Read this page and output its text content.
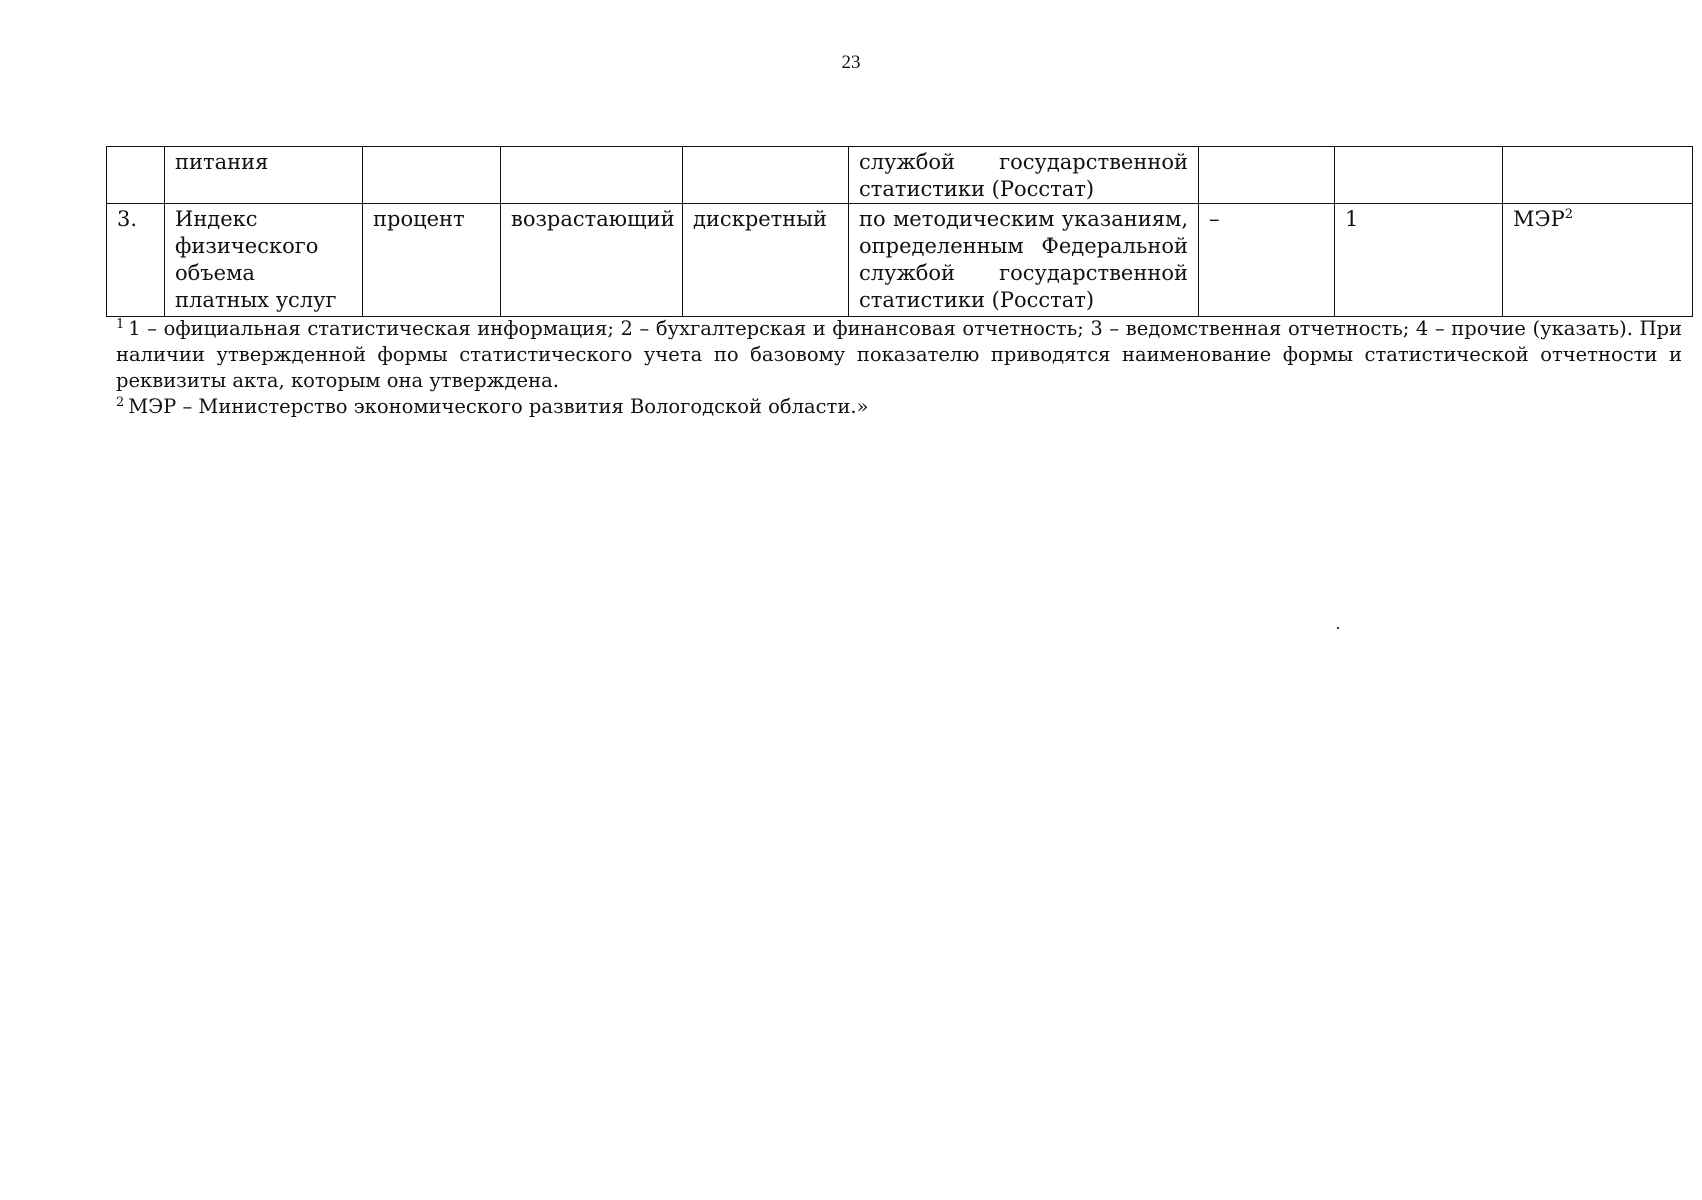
23
	питания				службой государственной статистики (Росстат)			
3.	Индекс физического объема платных услуг	процент	возрастающий	дискретный	по методическим указаниям, определенным Федеральной службой государственной статистики (Росстат)	–	1	МЭР$^2$

$^1$ 1 – официальная статистическая информация; 2 – бухгалтерская и финансовая отчетность; 3 – ведомственная отчетность; 4 – прочие (указать). При наличии утвержденной формы статистического учета по базовому показателю приводятся наименование формы статистической отчетности и реквизиты акта, которым она утверждена.

$^2$ МЭР – Министерство экономического развития Вологодской области.»
